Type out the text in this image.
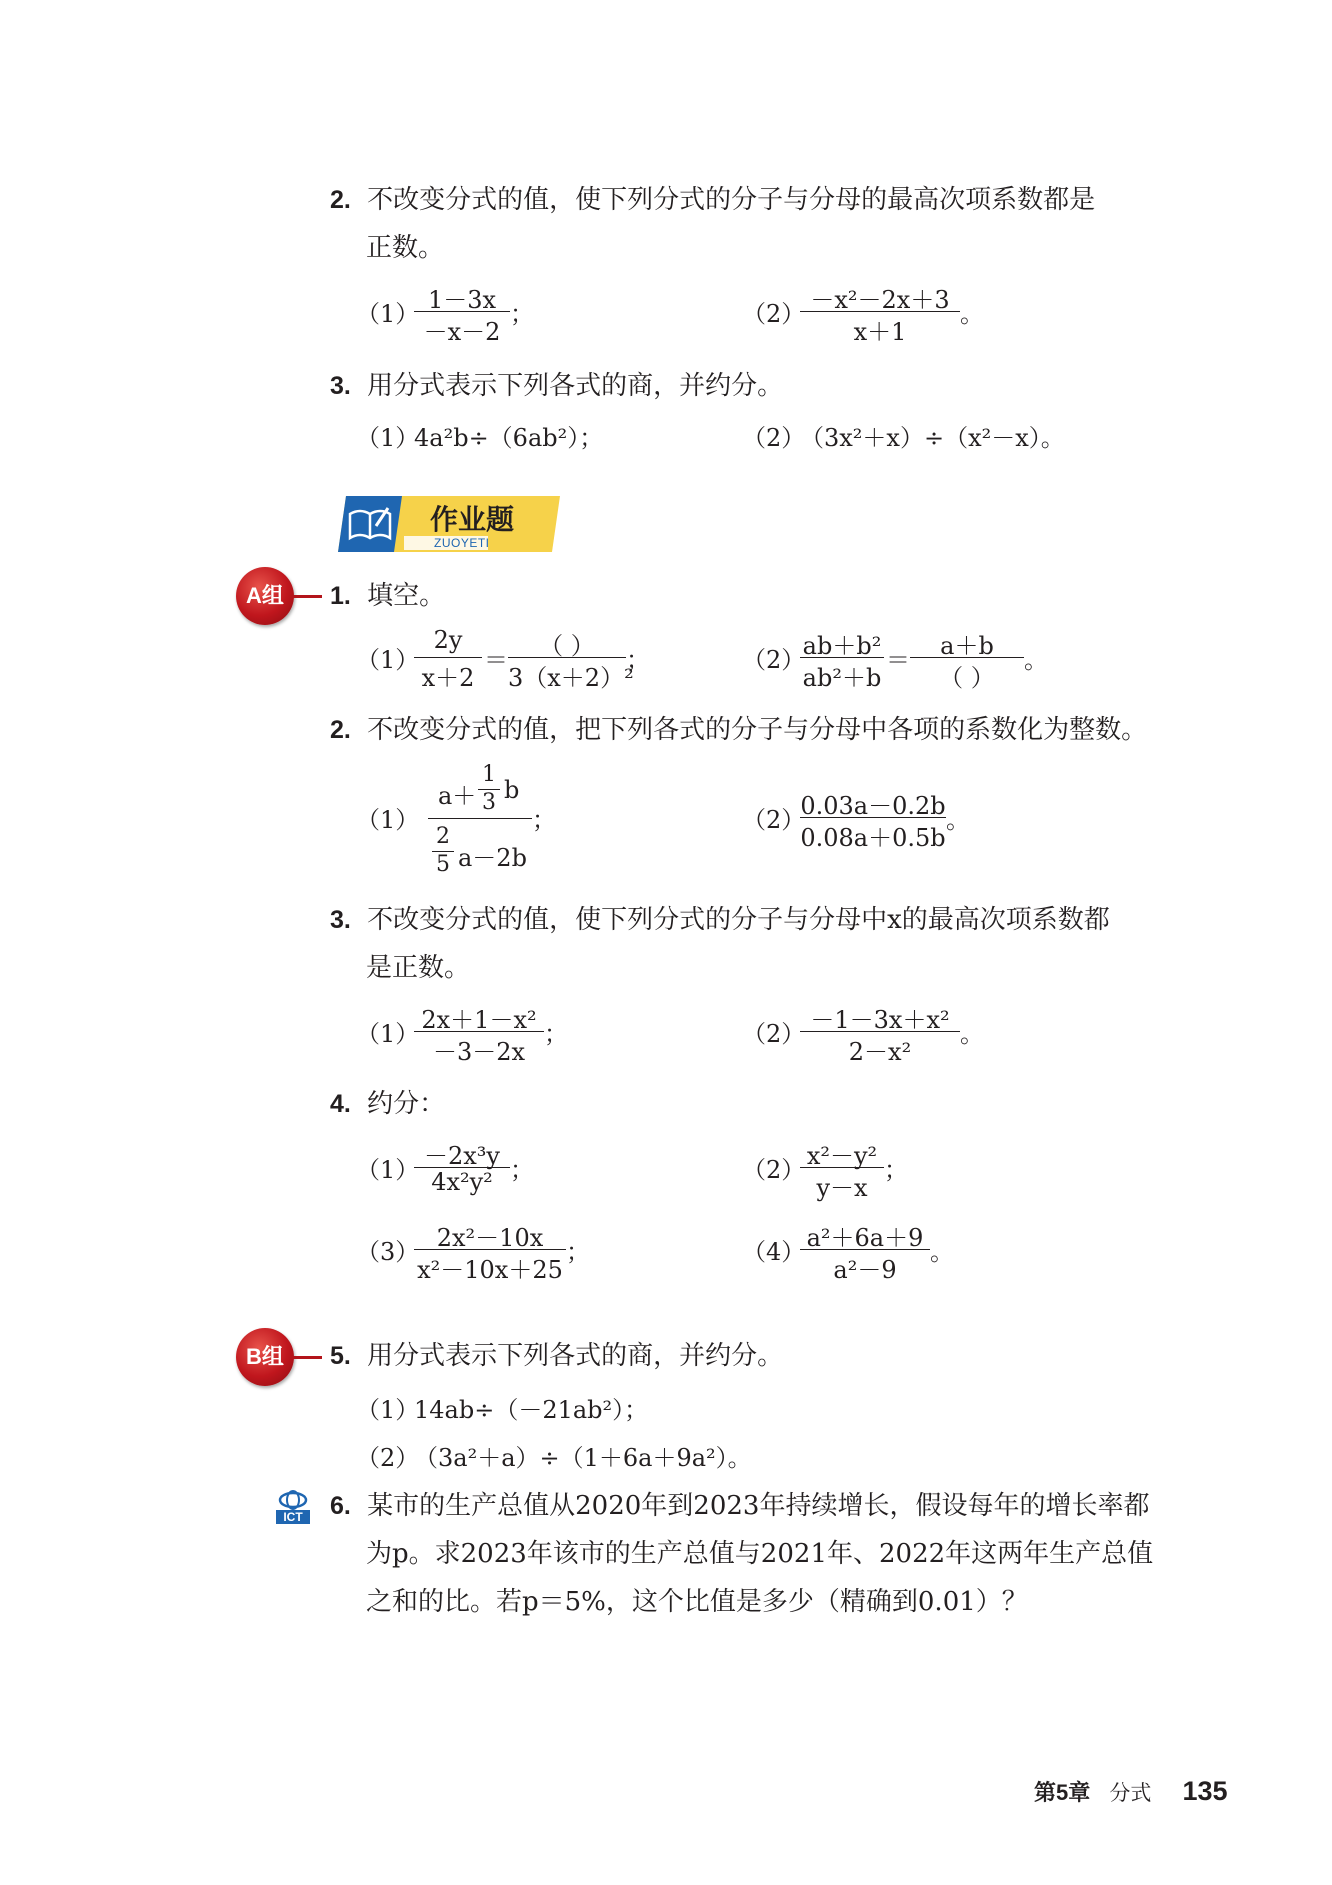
2. 不改变分式的值，使下列分式的分子与分母的最高次项系数都是
正数。
（1） 1－3x
－x－2
；	（2） －x²－2x＋3
x＋1
。
3. 用分式表示下列各式的商，并约分。
（1）
4a²b÷（6ab²）；	（2）
（3x²＋x）÷（x²－x）。
作业题
ZUOYETI
A组	1. 填空。
（1）
2y
x＋2
＝	（ ）
3（x＋2）²
；	（2）
ab＋b²
ab²＋b
＝	a＋b
（ ）
。
2. 不改变分式的值，把下列各式的分子与分母中各项的系数化为整数。
（1）
a＋
1
3 b
2
5 a－2b
；	（2）
0.03a－0.2b
0.08a＋0.5b
。
3. 不改变分式的值，使下列分式的分子与分母中x的最高次项系数都
是正数。
（1） 2x＋1－x²
－3－2x
；	（2） －1－3x＋x²
2－x²
。
4. 约分：
（1） －2x³y
4x²y² ；	（2） x²－y²
y－x
；
（3） 2x²－10x
x²－10x＋25
；	（4） a²＋6a＋9
a²－9
。
B组	5. 用分式表示下列各式的商，并约分。
（1）
14ab÷（－21ab²）；
（2）
（3a²＋a）÷（1＋6a＋9a²）。
ICT 6. 某市的生产总值从2020年到2023年持续增长，假设每年的增长率都
为p。求2023年该市的生产总值与2021年、2022年这两年生产总值
之和的比。若p＝5%，这个比值是多少（精确到0.01）？
第5章 分式 135
